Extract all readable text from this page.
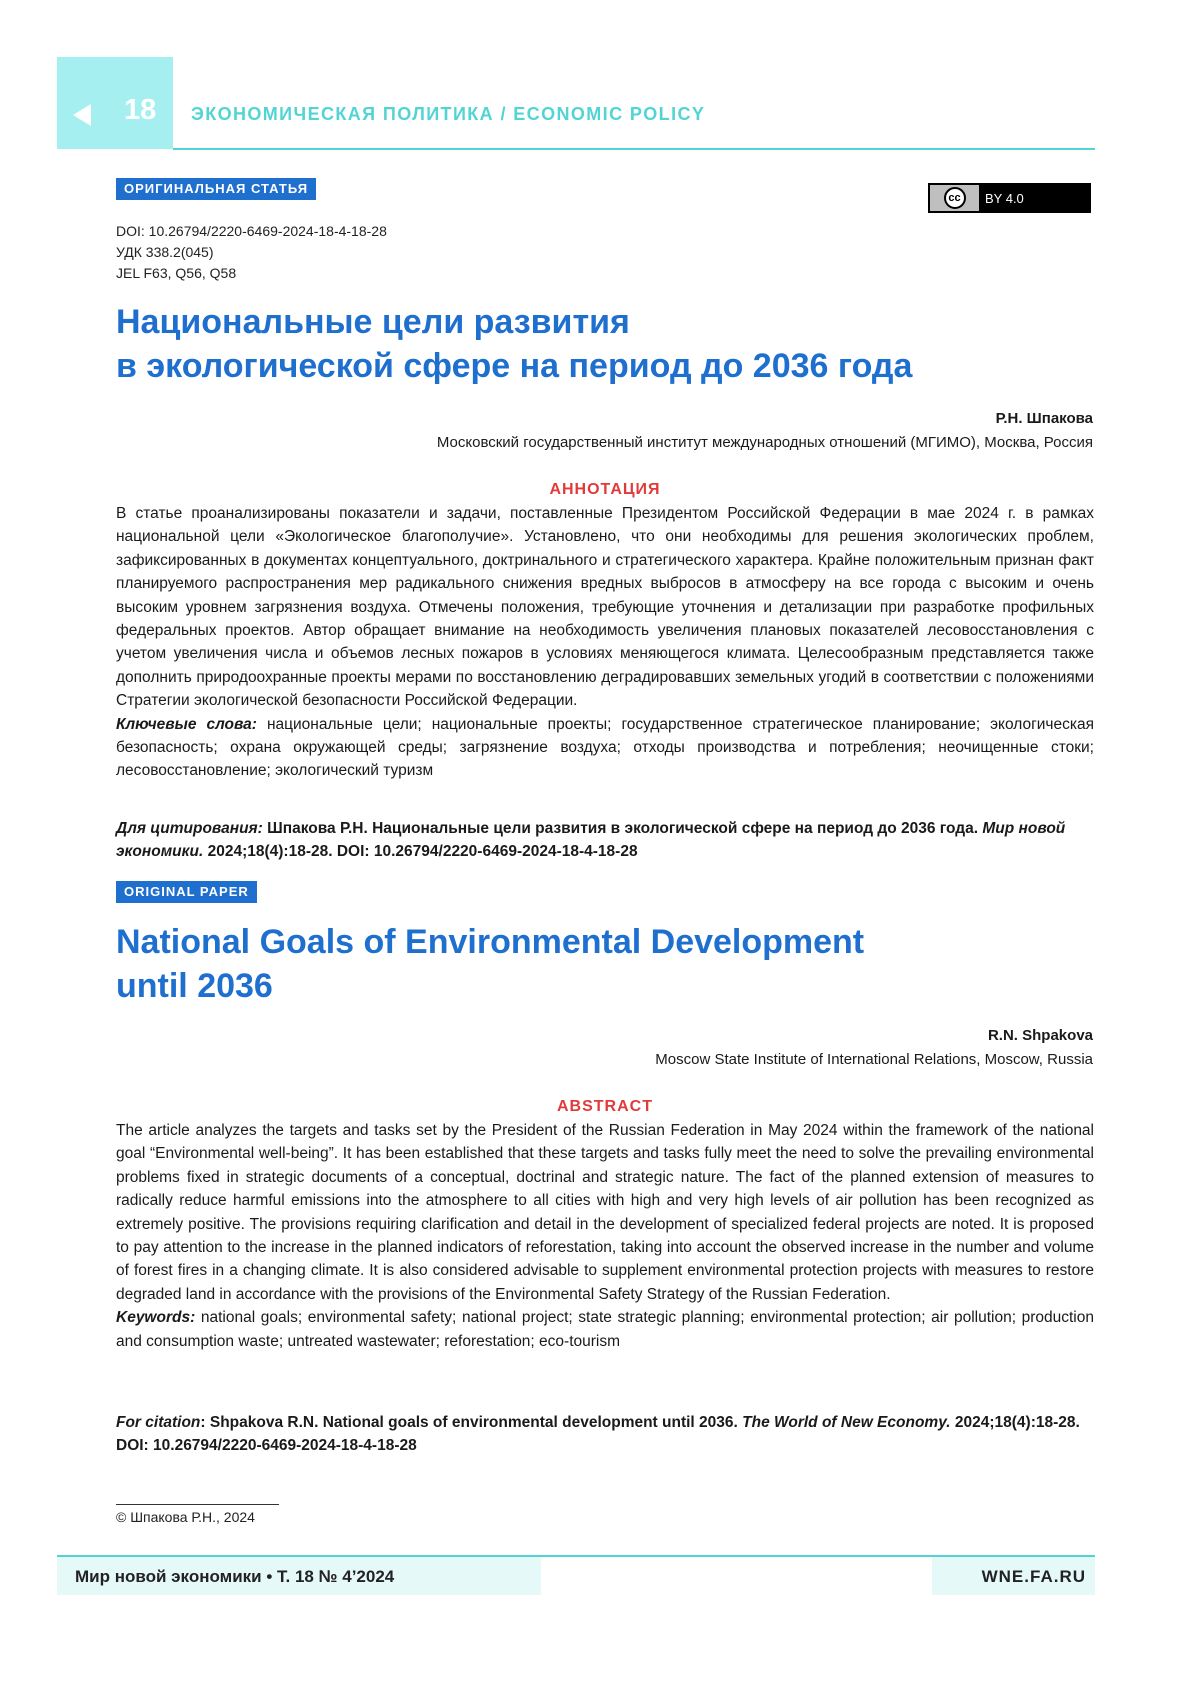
18 ЭКОНОМИЧЕСКАЯ ПОЛИТИКА / ECONOMIC POLICY
ОРИГИНАЛЬНАЯ СТАТЬЯ
cc	BY 4.0
DOI: 10.26794/2220-6469-2024-18-4-18-28
УДК 338.2(045)
JEL F63, Q56, Q58
Национальные цели развития
в экологической сфере на период до 2036 года
Р.Н. Шпакова
Московский государственный институт международных отношений (МГИМО), Москва, Россия
АННОТАЦИЯ

В статье проанализированы показатели и задачи, поставленные Президентом Российской Федерации в мае 2024 г. в рамках национальной цели «Экологическое благополучие». Установлено, что они необходимы для решения экологических проблем, зафиксированных в документах концептуального, доктринального и стратегического характера. Крайне положительным признан факт планируемого распространения мер радикального снижения вредных выбросов в атмосферу на все города с высоким и очень высоким уровнем загрязнения воздуха. Отмечены положения, требующие уточнения и детализации при разработке профильных федеральных проектов. Автор обращает внимание на необходимость увеличения плановых показателей лесовосстановления с учетом увеличения числа и объемов лесных пожаров в условиях меняющегося климата. Целесообразным представляется также дополнить природоохранные проекты мерами по восстановлению деградировавших земельных угодий в соответствии с положениями Стратегии экологической безопасности Российской Федерации.
Ключевые слова: национальные цели; национальные проекты; государственное стратегическое планирование; экологическая безопасность; охрана окружающей среды; загрязнение воздуха; отходы производства и потребления; неочищенные стоки; лесовосстановление; экологический туризм

Для цитирования: Шпакова Р.Н. Национальные цели развития в экологической сфере на период до 2036 года. Мир новой экономики. 2024;18(4):18-28. DOI: 10.26794/2220-6469-2024-18-4-18-28
ORIGINAL PAPER
National Goals of Environmental Development
until 2036
R.N. Shpakova
Moscow State Institute of International Relations, Moscow, Russia
ABSTRACT

The article analyzes the targets and tasks set by the President of the Russian Federation in May 2024 within the framework of the national goal “Environmental well-being”. It has been established that these targets and tasks fully meet the need to solve the prevailing environmental problems fixed in strategic documents of a conceptual, doctrinal and strategic nature. The fact of the planned extension of measures to radically reduce harmful emissions into the atmosphere to all cities with high and very high levels of air pollution has been recognized as extremely positive. The provisions requiring clarification and detail in the development of specialized federal projects are noted. It is proposed to pay attention to the increase in the planned indicators of reforestation, taking into account the observed increase in the number and volume of forest fires in a changing climate. It is also considered advisable to supplement environmental protection projects with measures to restore degraded land in accordance with the provisions of the Environmental Safety Strategy of the Russian Federation.
Keywords: national goals; environmental safety; national project; state strategic planning; environmental protection; air pollution; production and consumption waste; untreated wastewater; reforestation; eco-tourism

For citation: Shpakova R.N. National goals of environmental development until 2036. The World of New Economy. 2024;18(4):18-28. DOI: 10.26794/2220-6469-2024-18-4-18-28
© Шпакова Р.Н., 2024
Мир новой экономики • Т. 18 № 4’2024	WNE.FA.RU
